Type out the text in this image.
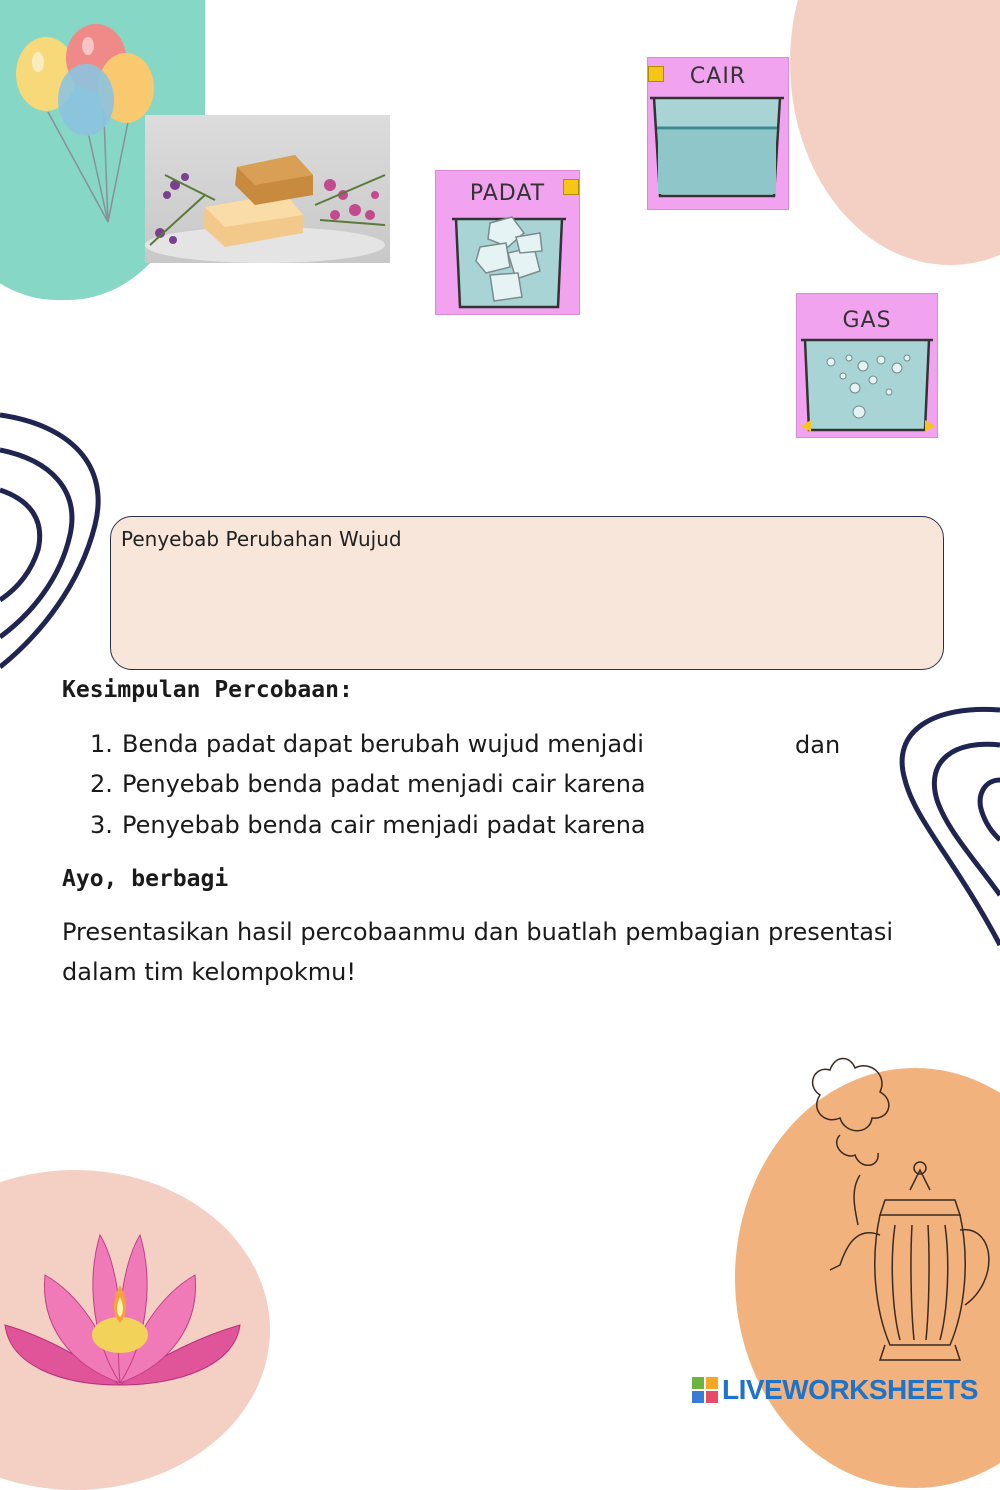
PADAT
CAIR
GAS
Penyebab Perubahan Wujud
Kesimpulan Percobaan:
1. Benda padat dapat berubah wujud menjadi	dan
2. Penyebab benda padat menjadi cair karena
3. Penyebab benda cair menjadi padat karena
Ayo, berbagi
Presentasikan hasil percobaanmu dan buatlah pembagian presentasi
dalam tim kelompokmu!
LIVEWORKSHEETS
